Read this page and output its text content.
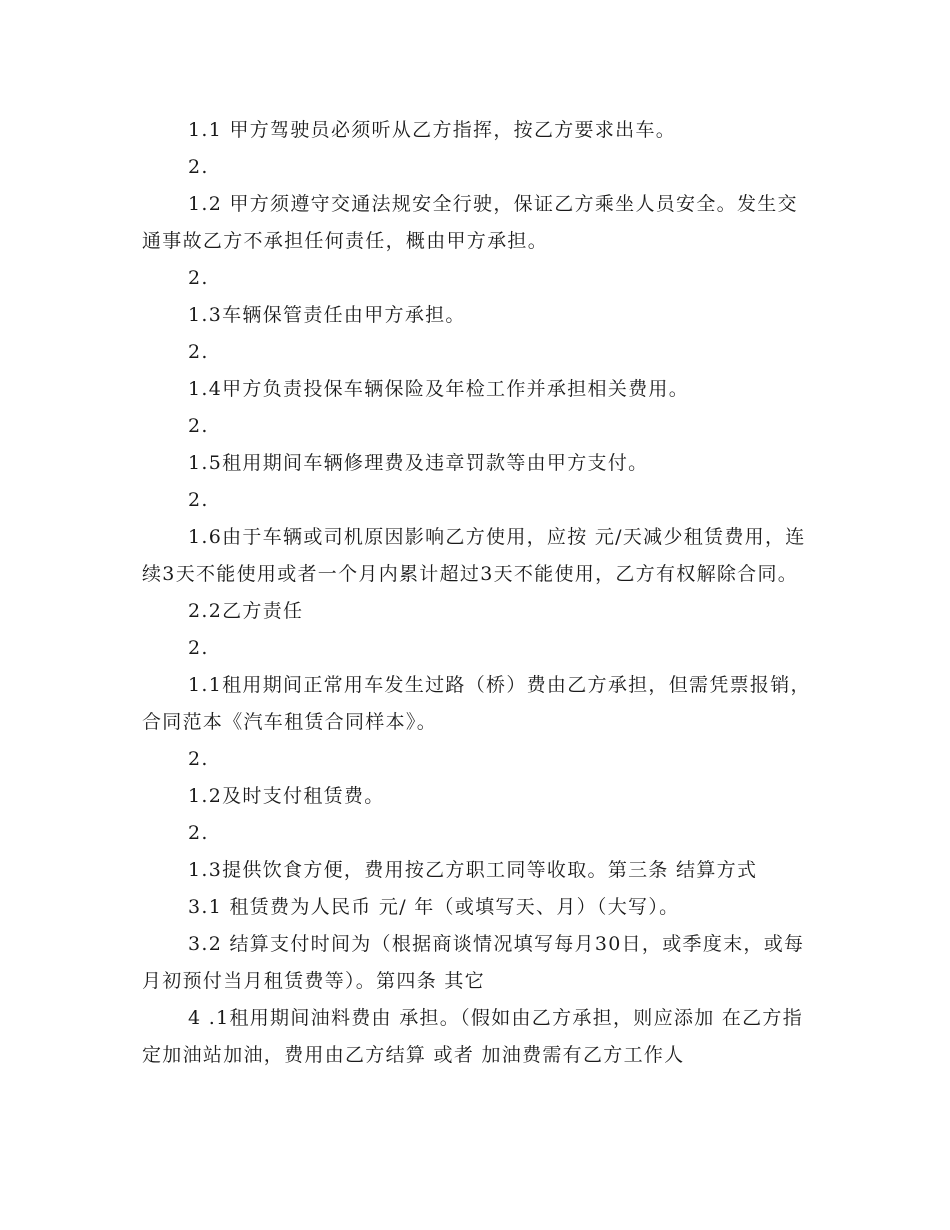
1.1 甲方驾驶员必须听从乙方指挥，按乙方要求出车。

2.

1.2 甲方须遵守交通法规安全行驶，保证乙方乘坐人员安全。发生交通事故乙方不承担任何责任，概由甲方承担。

2.

1.3车辆保管责任由甲方承担。

2.

1.4甲方负责投保车辆保险及年检工作并承担相关费用。

2.

1.5租用期间车辆修理费及违章罚款等由甲方支付。

2.

1.6由于车辆或司机原因影响乙方使用，应按 元/天减少租赁费用，连续3天不能使用或者一个月内累计超过3天不能使用，乙方有权解除合同。

2.2乙方责任

2.

1.1租用期间正常用车发生过路（桥）费由乙方承担，但需凭票报销，合同范本《汽车租赁合同样本》。

2.

1.2及时支付租赁费。

2.

1.3提供饮食方便，费用按乙方职工同等收取。第三条 结算方式

3.1 租赁费为人民币 元/ 年（或填写天、月）（大写）。

3.2 结算支付时间为（根据商谈情况填写每月30日，或季度末，或每月初预付当月租赁费等）。第四条 其它

4 .1租用期间油料费由 承担。（假如由乙方承担，则应添加 在乙方指定加油站加油，费用由乙方结算 或者 加油费需有乙方工作人
